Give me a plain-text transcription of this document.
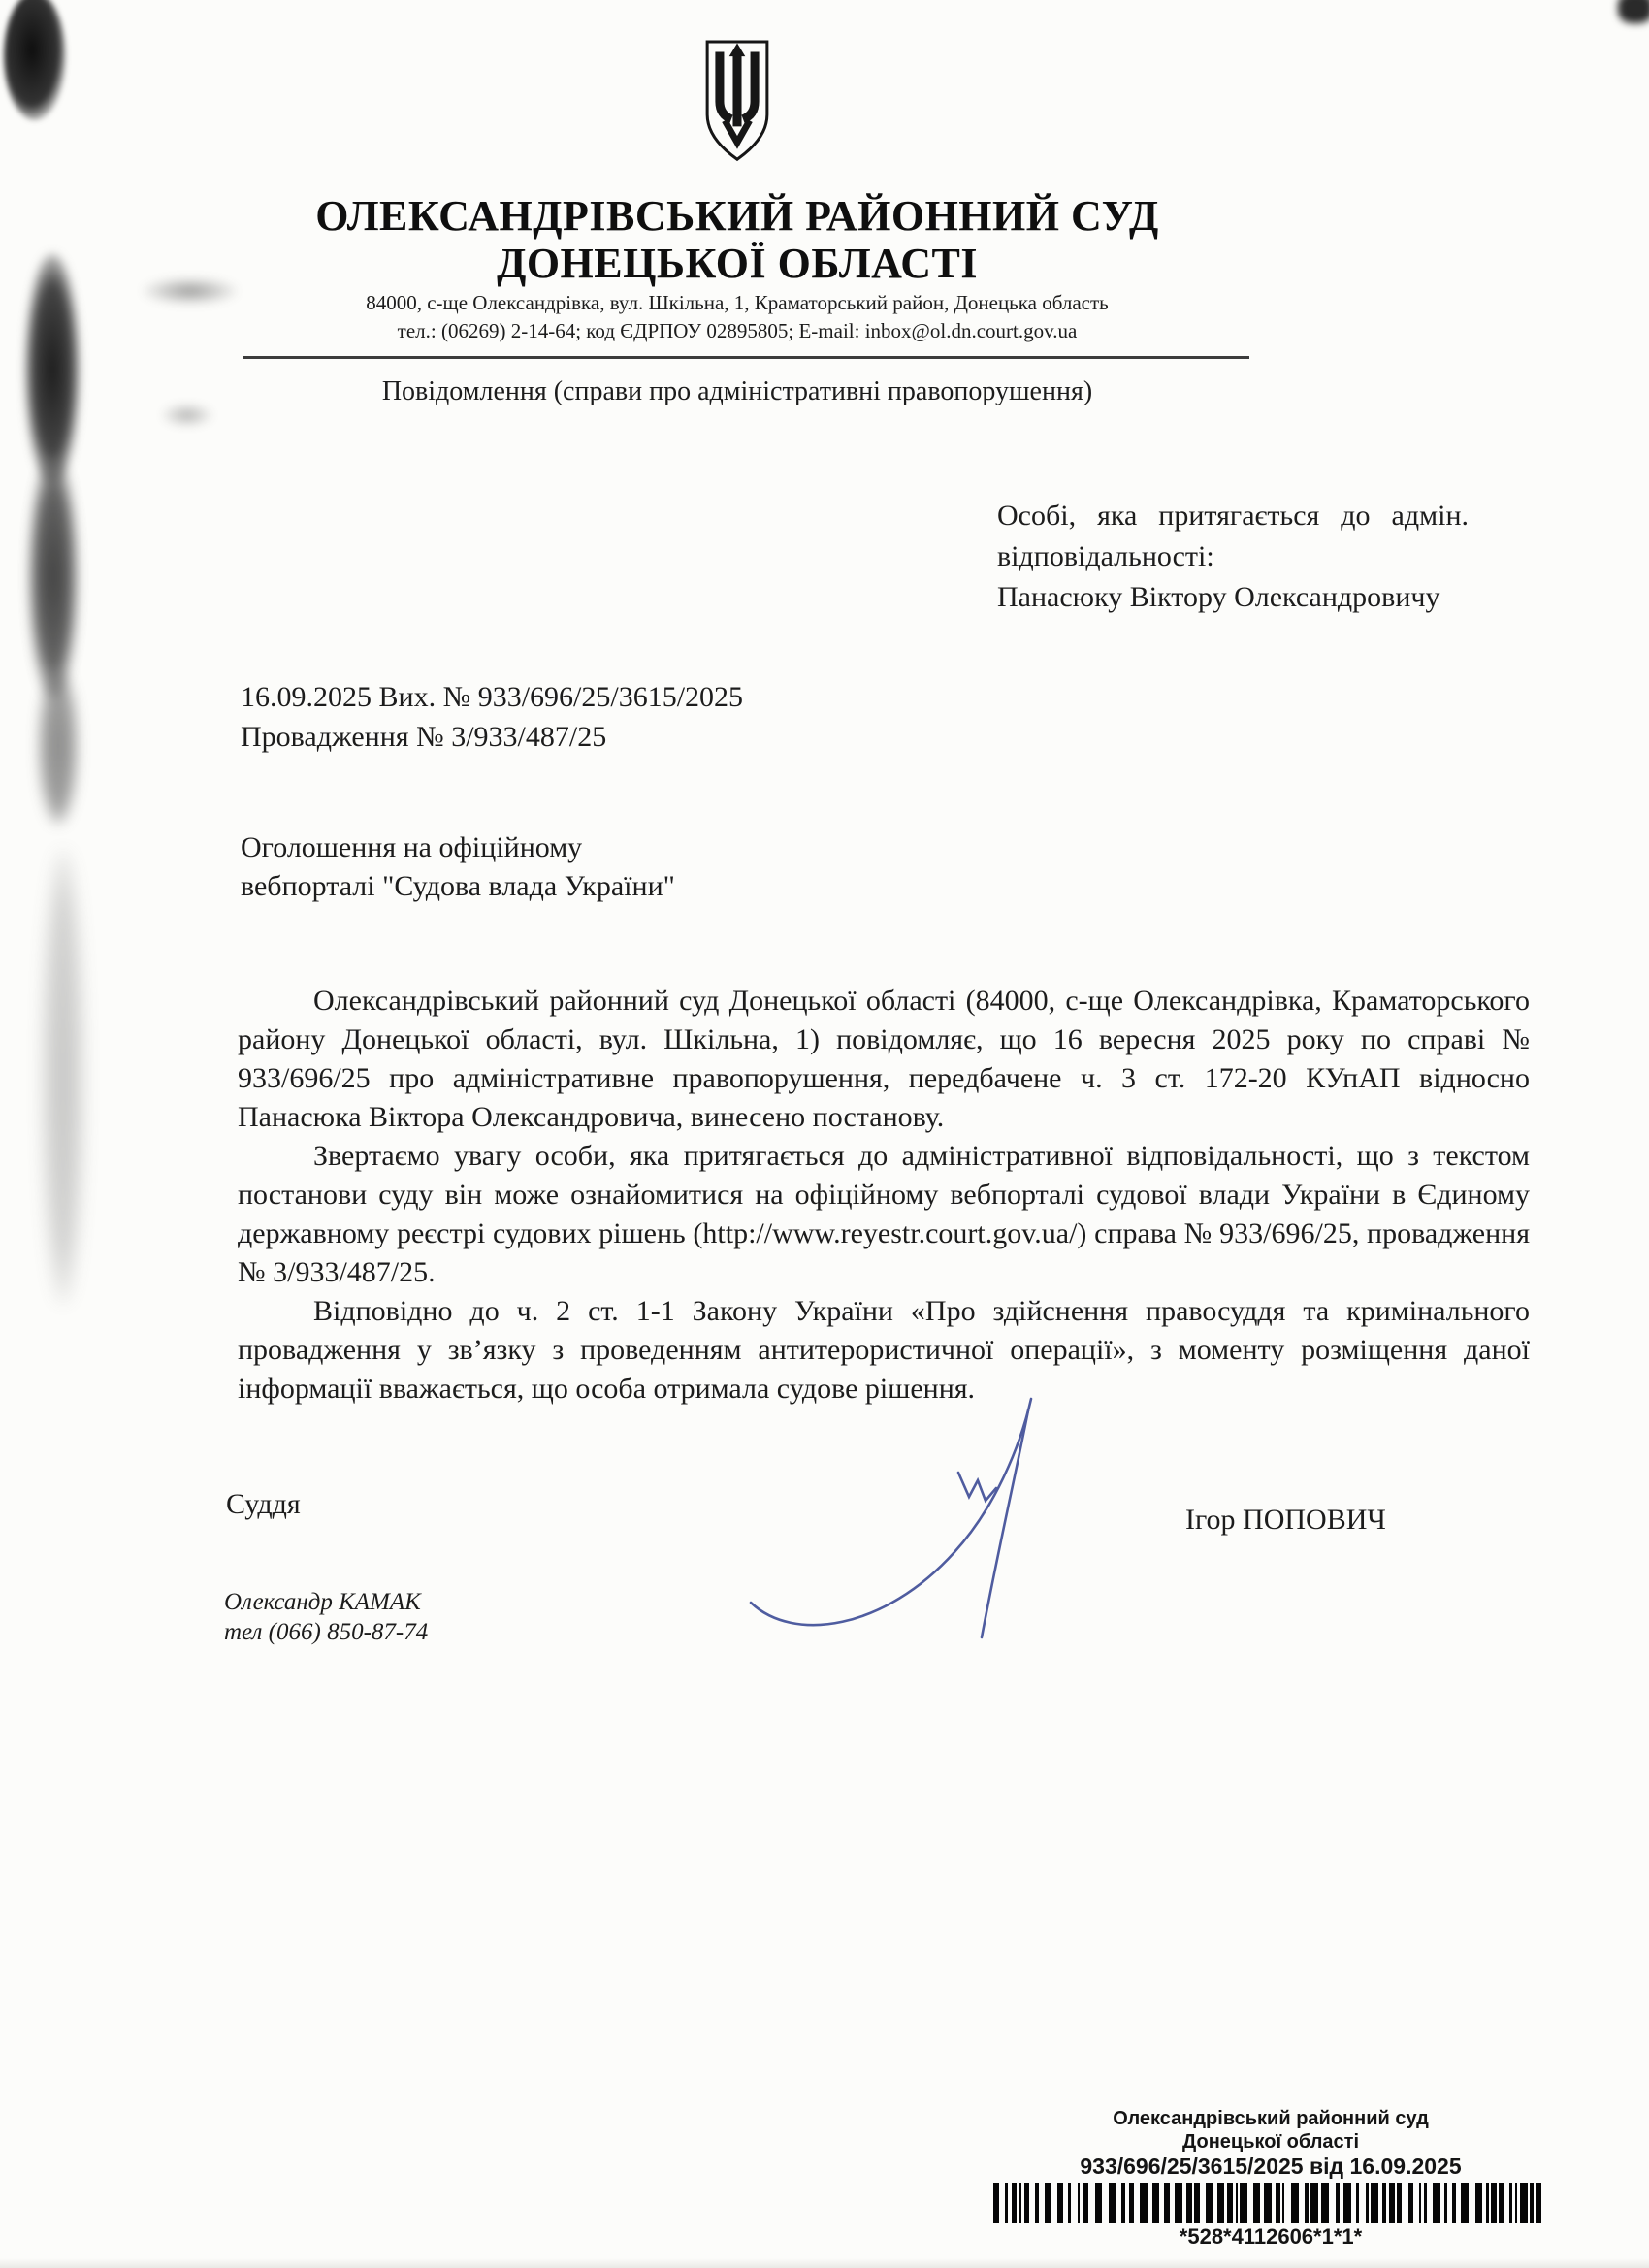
ОЛЕКСАНДРІВСЬКИЙ РАЙОННИЙ СУД
ДОНЕЦЬКОЇ ОБЛАСТІ
84000, с-ще Олександрівка, вул. Шкільна, 1, Краматорський район, Донецька область
тел.: (06269) 2-14-64; код ЄДРПОУ 02895805; E-mail: inbox@ol.dn.court.gov.ua
Повідомлення (справи про адміністративні правопорушення)
Особі, яка притягається до адмін.
відповідальності:
Панасюку Віктору Олександровичу
16.09.2025 Вих. № 933/696/25/3615/2025
Провадження № 3/933/487/25
Оголошення на офіційному
вебпорталі "Судова влада України"

Олександрівський районний суд Донецької області (84000, с-ще Олександрівка, Краматорського району Донецької області, вул. Шкільна, 1) повідомляє, що 16 вересня 2025 року по справі № 933/696/25 про адміністративне правопорушення, передбачене ч. 3 ст. 172-20 КУпАП відносно Панасюка Віктора Олександровича, винесено постанову.

Звертаємо увагу особи, яка притягається до адміністративної відповідальності, що з текстом постанови суду він може ознайомитися на офіційному вебпорталі судової влади України в Єдиному державному реєстрі судових рішень (http://www.reyestr.court.gov.ua/) справа № 933/696/25, провадження № 3/933/487/25.

Відповідно до ч. 2 ст. 1-1 Закону України «Про здійснення правосуддя та кримінального провадження у зв’язку з проведенням антитерористичної операції», з моменту розміщення даної інформації вважається, що особа отримала судове рішення.

Суддя	Ігор ПОПОВИЧ
Олександр КАМАК
тел (066) 850-87-74
Олександрівський районний суд
Донецької області
933/696/25/3615/2025 від 16.09.2025
*528*4112606*1*1*
